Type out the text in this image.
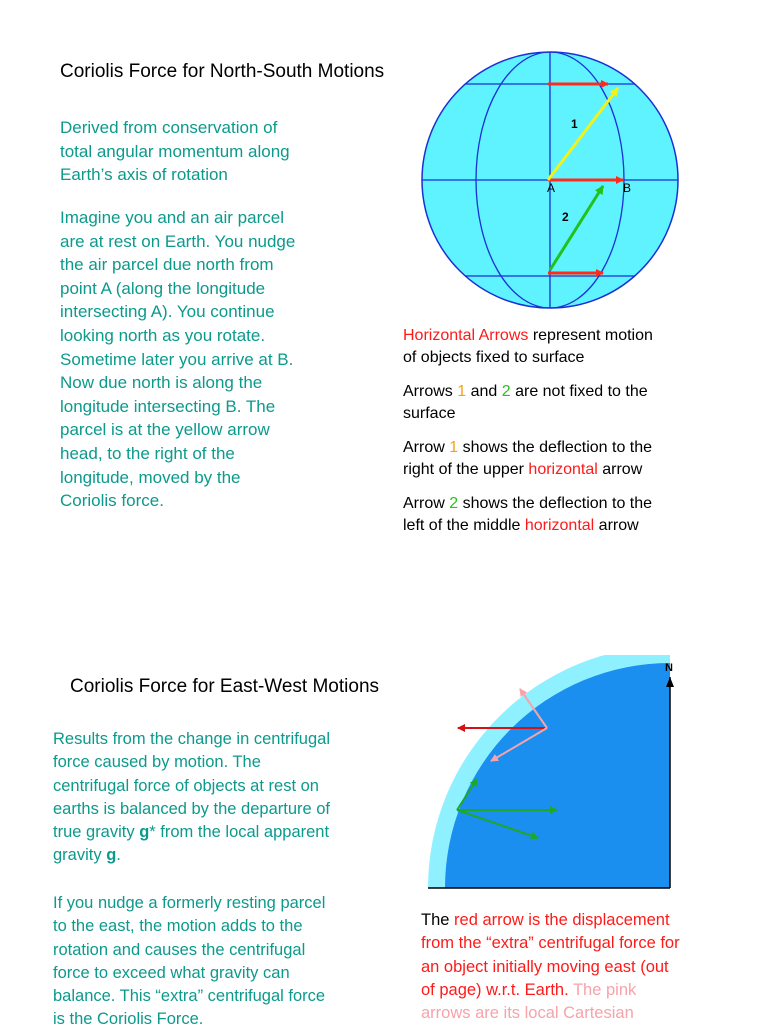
Coriolis Force for North-South Motions

Derived from conservation of

total angular momentum along

Earth’s axis of rotation

Imagine you and an air parcel

are at rest on Earth. You nudge

the air parcel due north from

point A (along the longitude

intersecting A). You continue

looking north as you rotate.

Sometime later you arrive at B.

Now due north is along the

longitude intersecting B. The

parcel is at the yellow arrow

head, to the right of the

longitude, moved by the

Coriolis force.

1
2
A	B

Horizontal Arrows represent motion
of objects fixed to surface

Arrows 1 and 2 are not fixed to the
surface

Arrow 1 shows the deflection to the
right of the upper horizontal arrow

Arrow 2 shows the deflection to the
left of the middle horizontal arrow

Coriolis Force for East-West Motions

Results from the change in centrifugal

force caused by motion. The

centrifugal force of objects at rest on

earths is balanced by the departure of

true gravity g* from the local apparent

gravity g.

If you nudge a formerly resting parcel

to the east, the motion adds to the

rotation and causes the centrifugal

force to exceed what gravity can

balance. This “extra” centrifugal force

is the Coriolis Force.

N
The red arrow is the displacement
from the “extra” centrifugal force for
an object initially moving east (out
of page) w.r.t. Earth. The pink
arrows are its local Cartesian
